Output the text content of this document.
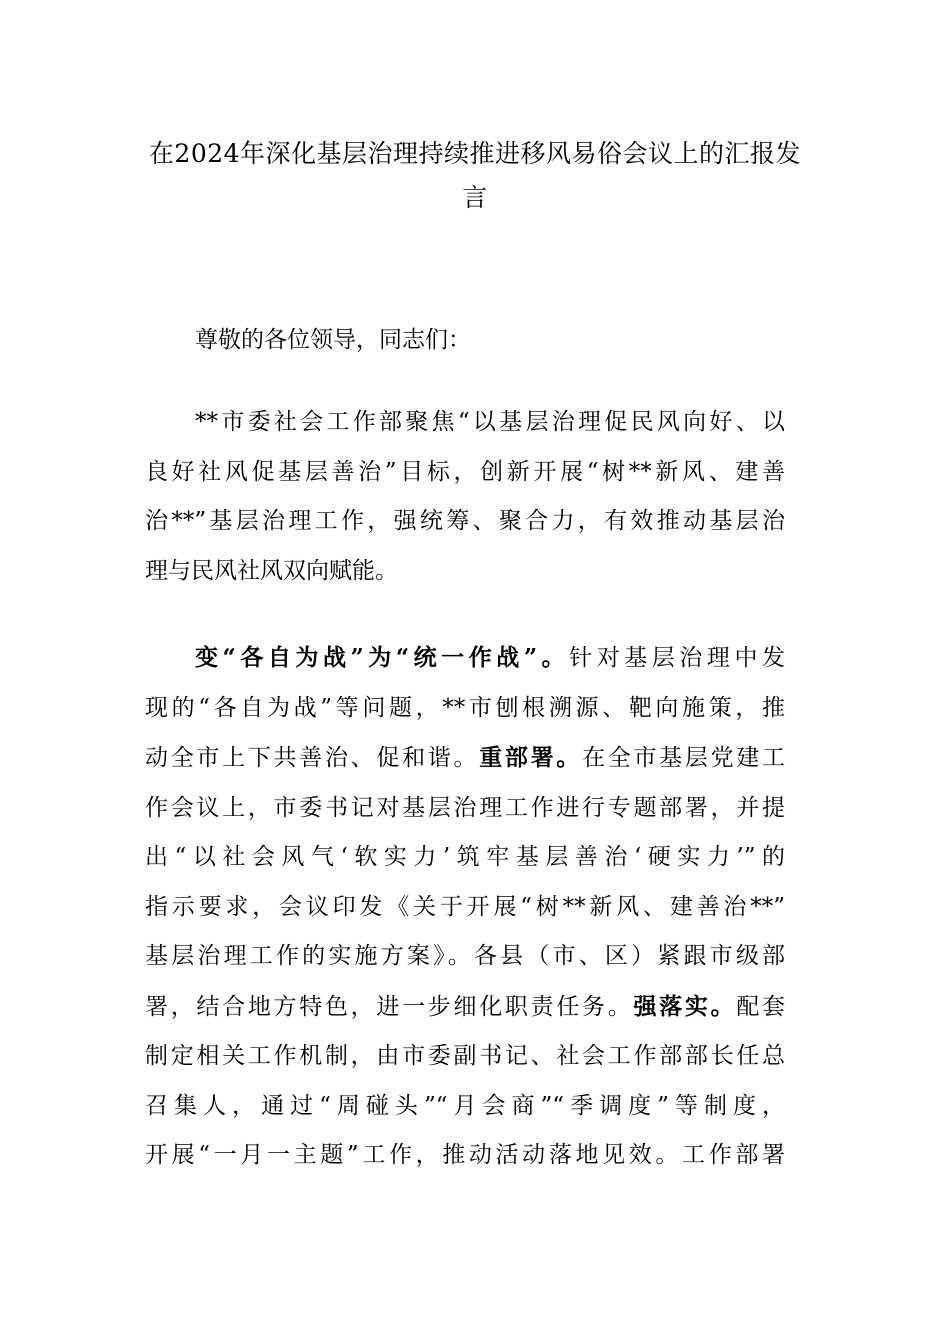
在2024年深化基层治理持续推进移风易俗会议上的汇报发
言
尊敬的各位领导，同志们：
**市委社会工作部聚焦“以基层治理促民风向好、以
良好社风促基层善治”目标，创新开展“树**新风、建善
治**”基层治理工作，强统筹、聚合力，有效推动基层治
理与民风社风双向赋能。
变“各自为战”为“统一作战”。针对基层治理中发
现的“各自为战”等问题，**市刨根溯源、靶向施策，推
动全市上下共善治、促和谐。重部署。在全市基层党建工
作会议上，市委书记对基层治理工作进行专题部署，并提
出“以社会风气‘软实力’筑牢基层善治‘硬实力’”的
指示要求，会议印发《关于开展“树**新风、建善治**”
基层治理工作的实施方案》。各县（市、区）紧跟市级部
署，结合地方特色，进一步细化职责任务。强落实。配套
制定相关工作机制，由市委副书记、社会工作部部长任总
召集人，通过“周碰头”“月会商”“季调度”等制度，
开展“一月一主题”工作，推动活动落地见效。工作部署
